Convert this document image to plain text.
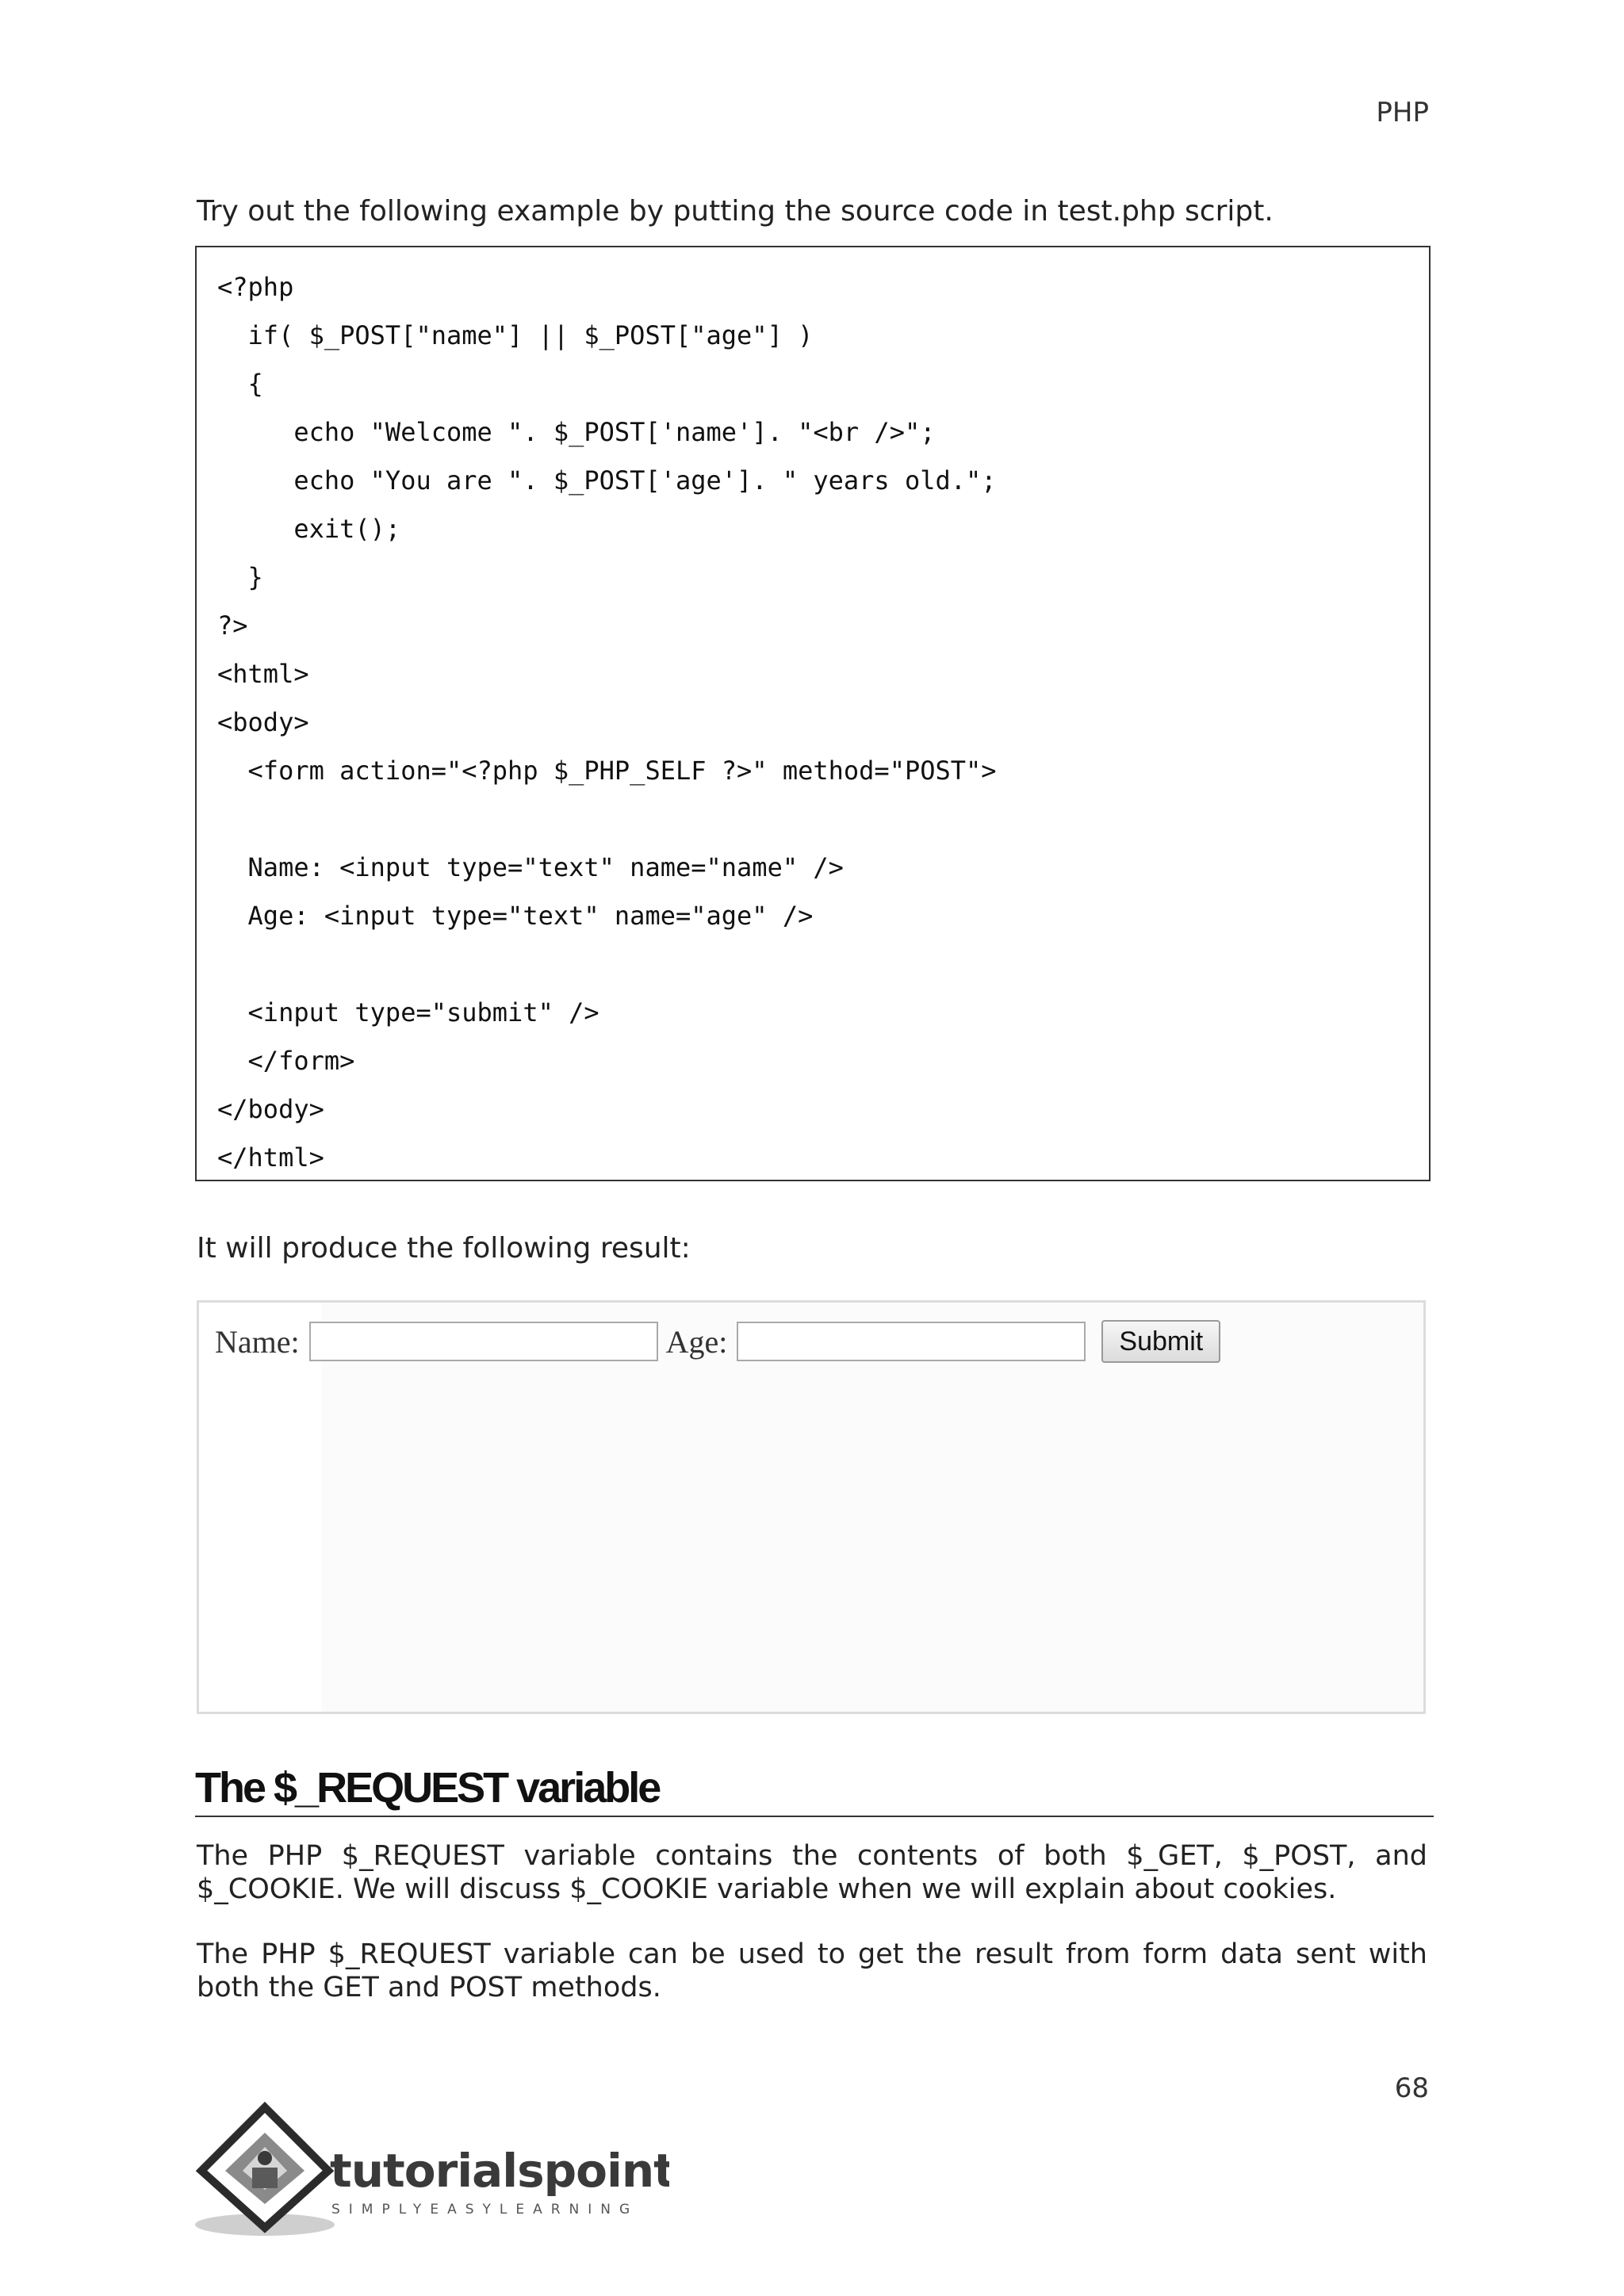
PHP
Try out the following example by putting the source code in test.php script.
<?php
if( $_POST["name"] || $_POST["age"] )
{
echo "Welcome ". $_POST['name']. "<br />";
echo "You are ". $_POST['age']. " years old.";
exit();
}
?>
<html>
<body>
<form action="<?php $_PHP_SELF ?>" method="POST">
Name: <input type="text" name="name" />
Age: <input type="text" name="age" />
<input type="submit" />
</form>
</body>
</html>
It will produce the following result:
Name:	Age:	Submit
The $_REQUEST variable
The PHP $_REQUEST variable contains the contents of both $_GET, $_POST, and $_COOKIE. We will discuss $_COOKIE variable when we will explain about cookies.
The PHP $_REQUEST variable can be used to get the result from form data sent with both the GET and POST methods.
68
tutorialspoint
SIMPLYEASYLEARNING
